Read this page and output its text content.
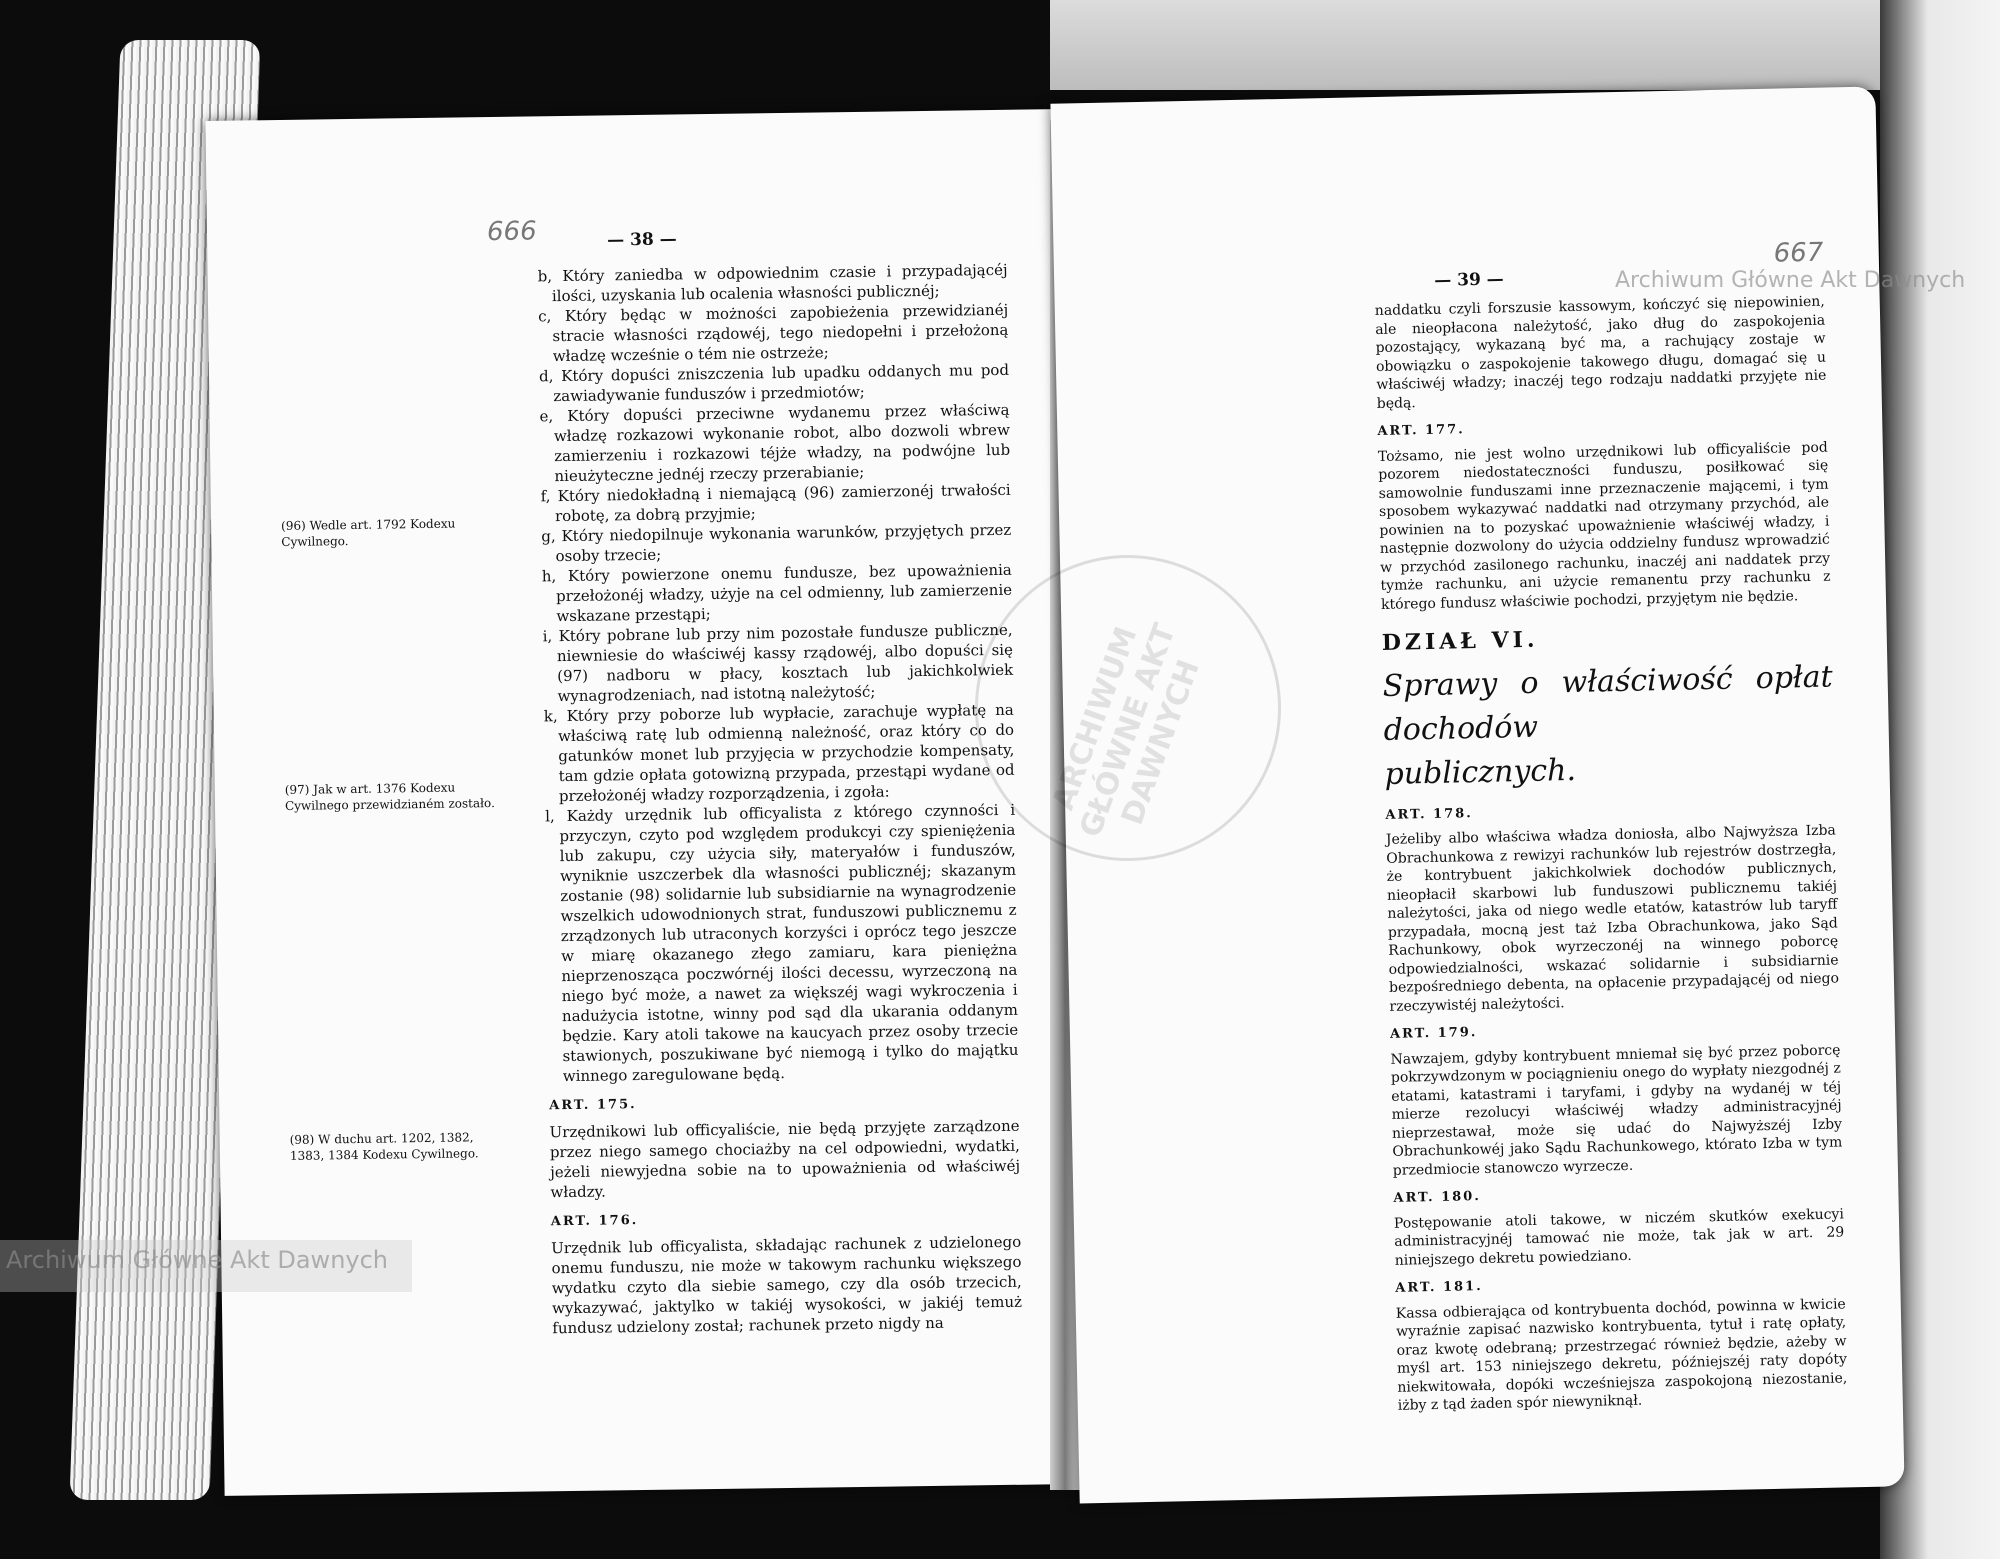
666	— 38 —
(96) Wedle art. 1792 Kodexu Cywilnego.
(97) Jak w art. 1376 Kodexu Cywilnego przewidzianém zostało.
(98) W duchu art. 1202, 1382, 1383, 1384 Kodexu Cywilnego.

b, Który zaniedba w odpowiednim czasie i przypadającéj ilości, uzyskania lub ocalenia własności publicznéj;

c, Który będąc w możności zapobieżenia przewidzianéj stracie własności rządowéj, tego niedopełni i przełożoną władzę wcześnie o tém nie ostrzeże;

d, Który dopuści zniszczenia lub upadku oddanych mu pod zawiadywanie funduszów i przedmiotów;

e, Który dopuści przeciwne wydanemu przez właściwą władzę rozkazowi wykonanie robot, albo dozwoli wbrew zamierzeniu i rozkazowi téjże władzy, na podwójne lub nieużyteczne jednéj rzeczy przerabianie;

f, Który niedokładną i niemającą (96) zamierzonéj trwałości robotę, za dobrą przyjmie;

g, Który niedopilnuje wykonania warunków, przyjętych przez osoby trzecie;

h, Który powierzone onemu fundusze, bez upoważnienia przełożonéj władzy, użyje na cel odmienny, lub zamierzenie wskazane przestąpi;

i, Który pobrane lub przy nim pozostałe fundusze publiczne, niewniesie do właściwéj kassy rządowéj, albo dopuści się (97) nadboru w płacy, kosztach lub jakichkolwiek wynagrodzeniach, nad istotną należytość;

k, Który przy poborze lub wypłacie, zarachuje wypłatę na właściwą ratę lub odmienną należność, oraz który co do gatunków monet lub przyjęcia w przychodzie kompensaty, tam gdzie opłata gotowizną przypada, przestąpi wydane od przełożonéj władzy rozporządzenia, i zgoła:

l, Każdy urzędnik lub officyalista z którego czynności i przyczyn, czyto pod względem produkcyi czy spieniężenia lub zakupu, czy użycia siły, materyałów i funduszów, wyniknie uszczerbek dla własności publicznéj; skazanym zostanie (98) solidarnie lub subsidiarnie na wynagrodzenie wszelkich udowodnionych strat, funduszowi publicznemu z zrządzonych lub utraconych korzyści i oprócz tego jeszcze w miarę okazanego złego zamiaru, kara pieniężna nieprzenosząca poczwórnéj ilości decessu, wyrzeczoną na niego być może, a nawet za większéj wagi wykroczenia i nadużycia istotne, winny pod sąd dla ukarania oddanym będzie. Kary atoli takowe na kaucyach przez osoby trzecie stawionych, poszukiwane być niemogą i tylko do majątku winnego zaregulowane będą.

ART. 175.

Urzędnikowi lub officyaliście, nie będą przyjęte zarządzone przez niego samego chociażby na cel odpowiedni, wydatki, jeżeli niewyjednа sobie na to upoważnienia od właściwéj władzy.

ART. 176.

Urzędnik lub officyalista, składając rachunek z udzielonego onemu funduszu, nie może w takowym rachunku większego wydatku czyto dla siebie samego, czy dla osób trzecich, wykazywać, jaktylko w takiéj wysokości, w jakiéj temuż fundusz udzielony został; rachunek przeto nigdy na

— 39 —
667

naddatku czyli forszusie kassowym, kończyć się niepowinien, ale nieopłacona należytość, jako dług do zaspokojenia pozostający, wykazaną być ma, a rachujący zostaje w obowiązku o zaspokojenie takowego długu, domagać się u właściwéj władzy; inaczéj tego rodzaju naddatki przyjęte nie będą.

ART. 177.

Tożsamo, nie jest wolno urzędnikowi lub officyaliście pod pozorem niedostateczności funduszu, posiłkować się samowolnie funduszami inne przeznaczenie mającemi, i tym sposobem wykazywać naddatki nad otrzymany przychód, ale powinien na to pozyskać upoważnienie właściwéj władzy, i następnie dozwolony do użycia oddzielny fundusz wprowadzić w przychód zasilonego rachunku, inaczéj ani naddatek przy tymże rachunku, ani użycie remanentu przy rachunku z którego fundusz właściwie pochodzi, przyjętym nie będzie.

DZIAŁ VI.

Sprawy o właściwość opłat dochodów

publicznych.

ART. 178.

Jeżeliby albo właściwa władza doniosła, albo Najwyższa Izba Obrachunkowa z rewizyi rachunków lub rejestrów dostrzegła, że kontrybuent jakichkolwiek dochodów publicznych, nieopłacił skarbowi lub funduszowi publicznemu takiéj należytości, jaka od niego wedle etatów, katastrów lub taryff przypadała, mocną jest taż Izba Obrachunkowa, jako Sąd Rachunkowy, obok wyrzeczonéj na winnego poborcę odpowiedzialności, wskazać solidarnie i subsidiarnie bezpośredniego debenta, na opłacenie przypadającéj od niego rzeczywistéj należytości.

ART. 179.

Nawzajem, gdyby kontrybuent mniemał się być przez poborcę pokrzywdzonym w pociągnieniu onego do wypłaty niezgodnéj z etatami, katastrami i taryfami, i gdyby na wydanéj w téj mierze rezolucyi właściwéj władzy administracyjnéj nieprzestawał, może się udać do Najwyższéj Izby Obrachunkowéj jako Sądu Rachunkowego, któratо Izba w tym przedmiocie stanowczo wyrzecze.

ART. 180.

Postępowanie atoli takowe, w niczém skutków exekucyi administracyjnéj tamować nie może, tak jak w art. 29 niniejszego dekretu powiedziano.

ART. 181.

Kassa odbierająca od kontrybuenta dochód, powinna w kwicie wyraźnie zapisać nazwisko kontrybuenta, tytuł i ratę opłaty, oraz kwotę odebraną; przestrzegać również będzie, ażeby w myśl art. 153 niniejszego dekretu, późniejszéj raty dopóty niekwitowała, dopóki wcześniejsza zaspokojoną niezostanie, iżby z tąd żaden spór niewyniknął.

ARCHIWUM GŁÓWNE AKT DAWNYCH
Archiwum Główne Akt Dawnych
Archiwum Główne Akt Dawnych
